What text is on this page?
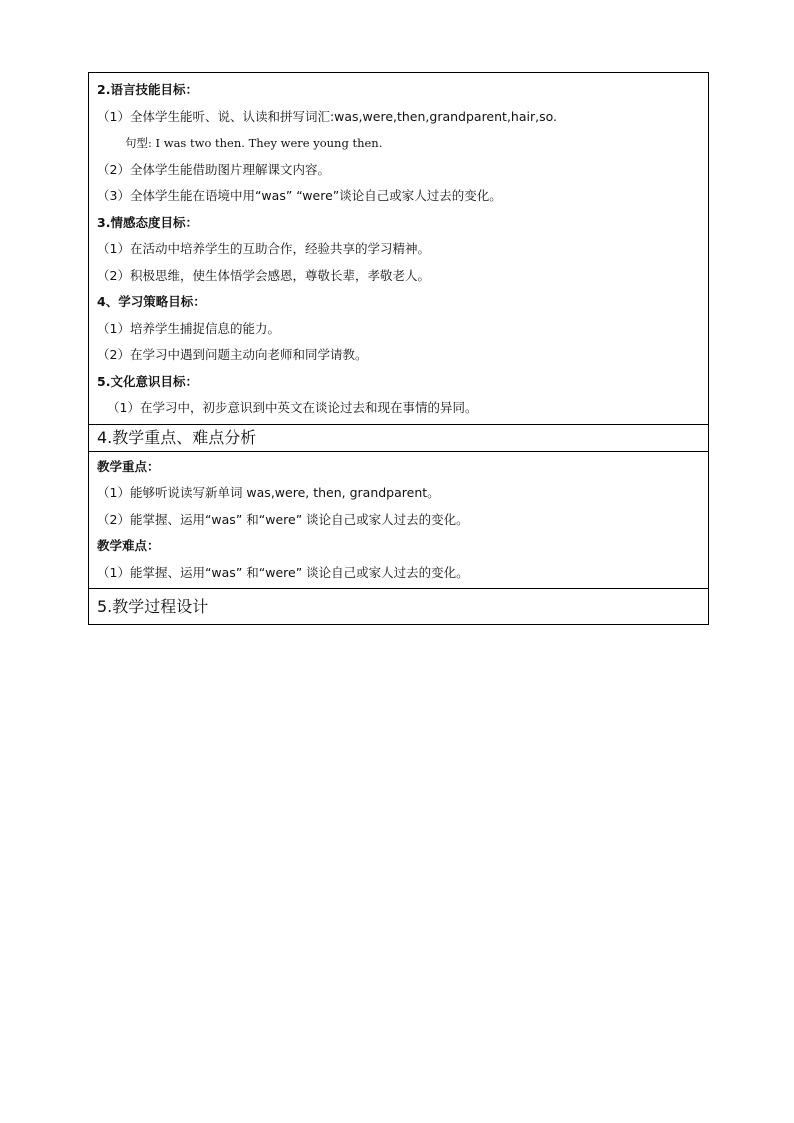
2.语言技能目标：
（1）全体学生能听、说、认读和拼写词汇:was,were,then,grandparent,hair,so.
句型: I was two then. They were young then.
（2）全体学生能借助图片理解课文内容。
（3）全体学生能在语境中用“was” “were”谈论自己或家人过去的变化。
3.情感态度目标：
（1）在活动中培养学生的互助合作，经验共享的学习精神。
（2）积极思维，使生体悟学会感恩，尊敬长辈，孝敬老人。
4、学习策略目标：
（1）培养学生捕捉信息的能力。
（2）在学习中遇到问题主动向老师和同学请教。
5.文化意识目标：
（1）在学习中，初步意识到中英文在谈论过去和现在事情的异同。
4.教学重点、难点分析
教学重点：
（1）能够听说读写新单词 was,were, then, grandparent。
（2）能掌握、运用“was” 和“were” 谈论自己或家人过去的变化。
教学难点：
（1）能掌握、运用“was” 和“were” 谈论自己或家人过去的变化。
5.教学过程设计
